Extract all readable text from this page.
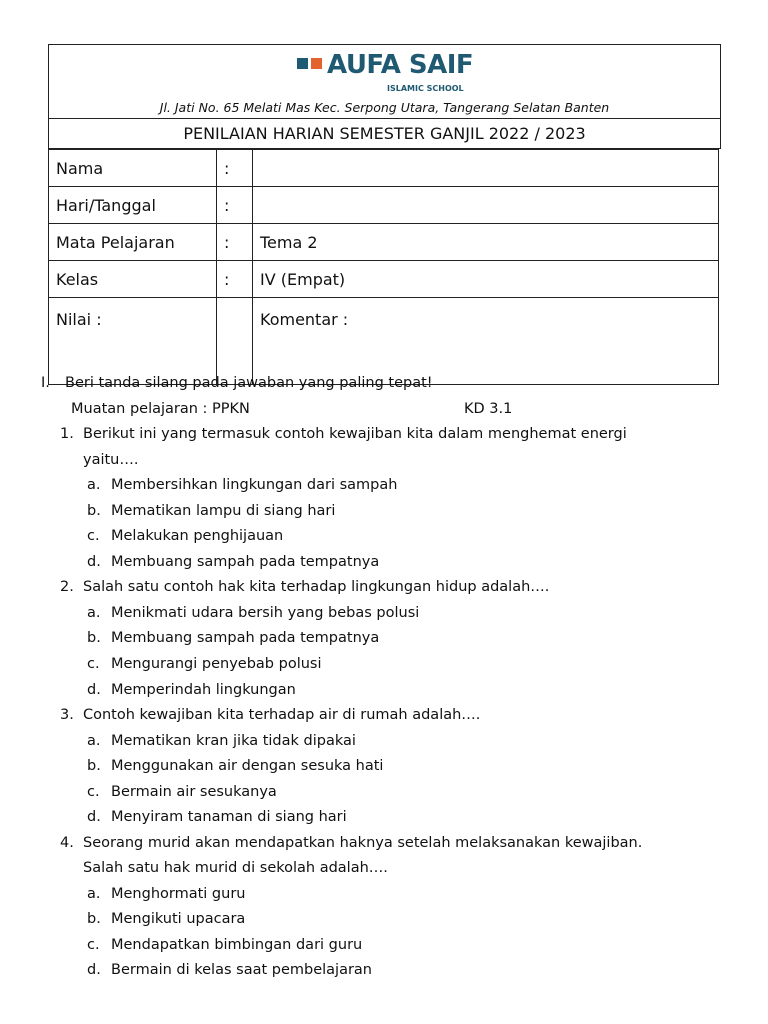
AUFA SAIF
ISLAMIC SCHOOL
Jl. Jati No. 65 Melati Mas Kec. Serpong Utara, Tangerang Selatan Banten

PENILAIAN HARIAN SEMESTER GANJIL 2022 / 2023
Nama	:	
Hari/Tanggal	:	
Mata Pelajaran	:	Tema 2
Kelas	:	IV (Empat)
Nilai :		Komentar :
I. Beri tanda silang pada jawaban yang paling tepat!
Muatan pelajaran : PPKN	KD 3.1
1. Berikut ini yang termasuk contoh kewajiban kita dalam menghemat energi
yaitu….
a. Membersihkan lingkungan dari sampah
b. Mematikan lampu di siang hari
c. Melakukan penghijauan
d. Membuang sampah pada tempatnya
2. Salah satu contoh hak kita terhadap lingkungan hidup adalah….
a. Menikmati udara bersih yang bebas polusi
b. Membuang sampah pada tempatnya
c. Mengurangi penyebab polusi
d. Memperindah lingkungan
3. Contoh kewajiban kita terhadap air di rumah adalah….
a. Mematikan kran jika tidak dipakai
b. Menggunakan air dengan sesuka hati
c. Bermain air sesukanya
d. Menyiram tanaman di siang hari
4. Seorang murid akan mendapatkan haknya setelah melaksanakan kewajiban.
Salah satu hak murid di sekolah adalah….
a. Menghormati guru
b. Mengikuti upacara
c. Mendapatkan bimbingan dari guru
d. Bermain di kelas saat pembelajaran
